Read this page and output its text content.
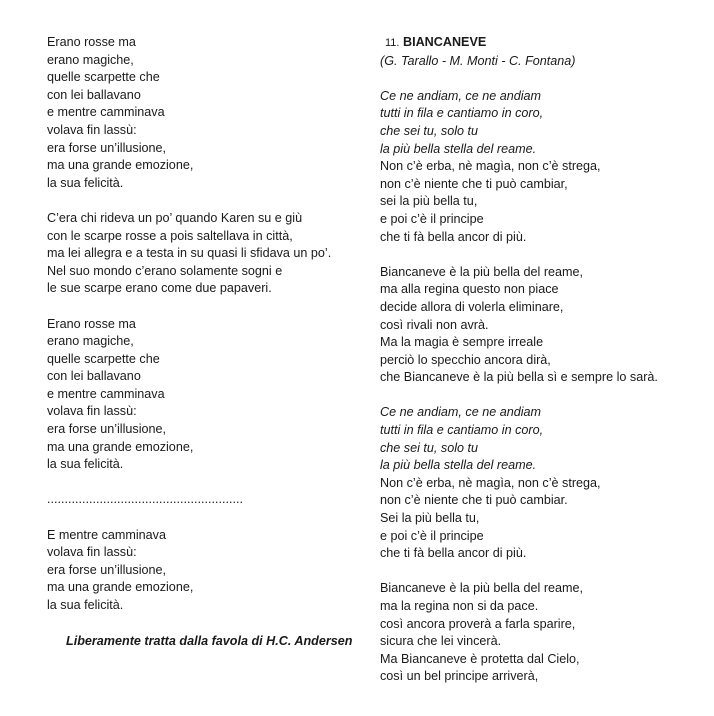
Erano rosse ma
erano magiche,
quelle scarpette che
con lei ballavano
e mentre camminava
volava fin lassù:
era forse un’illusione,
ma una grande emozione,
la sua felicità.
C’era chi rideva un po’ quando Karen su e giù
con le scarpe rosse a pois saltellava in città,
ma lei allegra e a testa in su quasi li sfidava un po’.
Nel suo mondo c’erano solamente sogni e
le sue scarpe erano come due papaveri.
Erano rosse ma
erano magiche,
quelle scarpette che
con lei ballavano
e mentre camminava
volava fin lassù:
era forse un’illusione,
ma una grande emozione,
la sua felicità.
........................................................
E mentre camminava
volava fin lassù:
era forse un’illusione,
ma una grande emozione,
la sua felicità.
Liberamente tratta dalla favola di H.C. Andersen
11. BIANCANEVE
(G. Tarallo - M. Monti - C. Fontana)
Ce ne andiam, ce ne andiam
tutti in fila e cantiamo in coro,
che sei tu, solo tu
la più bella stella del reame.
Non c’è erba, nè magìa, non c’è strega,
non c’è niente che ti può cambiar,
sei la più bella tu,
e poi c’è il principe
che ti fà bella ancor di più.
Biancaneve è la più bella del reame,
ma alla regina questo non piace
decide allora di volerla eliminare,
così rivali non avrà.
Ma la magia è sempre irreale
perciò lo specchio ancora dirà,
che Biancaneve è la più bella sì e sempre lo sarà.
Ce ne andiam, ce ne andiam
tutti in fila e cantiamo in coro,
che sei tu, solo tu
la più bella stella del reame.
Non c’è erba, nè magìa, non c’è strega,
non c’è niente che ti può cambiar.
Sei la più bella tu,
e poi c’è il principe
che ti fà bella ancor di più.
Biancaneve è la più bella del reame,
ma la regina non si da pace.
così ancora proverà a farla sparire,
sicura che lei vincerà.
Ma Biancaneve è protetta dal Cielo,
così un bel principe arriverà,
